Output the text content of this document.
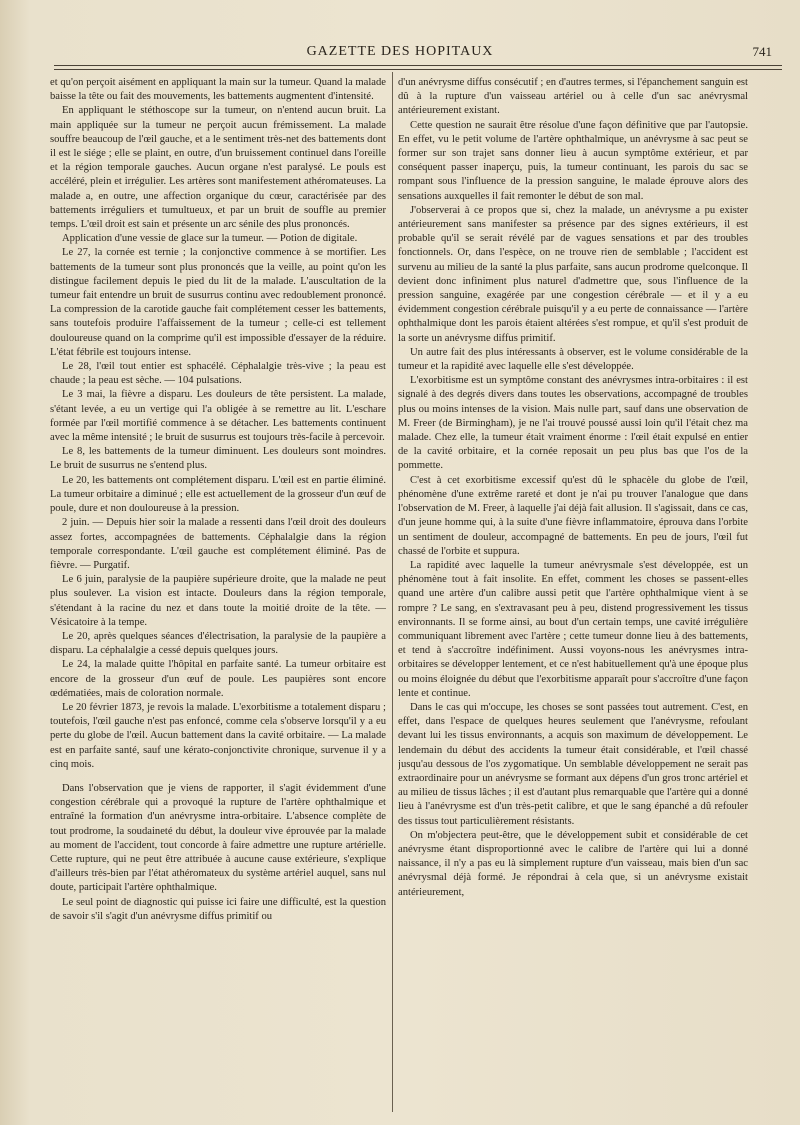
GAZETTE DES HOPITAUX	741

et qu'on perçoit aisément en appliquant la main sur la tumeur. Quand la malade baisse la tête ou fait des mouvements, les battements augmentent d'intensité.

En appliquant le stéthoscope sur la tumeur, on n'entend aucun bruit. La main appliquée sur la tumeur ne perçoit aucun frémissement. La malade souffre beaucoup de l'œil gauche, et a le sentiment très-net des battements dont il est le siége ; elle se plaint, en outre, d'un bruissement continuel dans l'oreille et la région temporale gauches. Aucun organe n'est paralysé. Le pouls est accéléré, plein et irrégulier. Les artères sont manifestement athéromateuses. La malade a, en outre, une affection organique du cœur, caractérisée par des battements irréguliers et tumultueux, et par un bruit de souffle au premier temps. L'œil droit est sain et présente un arc sénile des plus prononcés.

Application d'une vessie de glace sur la tumeur. — Potion de digitale.

Le 27, la cornée est ternie ; la conjonctive commence à se mortifier. Les battements de la tumeur sont plus prononcés que la veille, au point qu'on les distingue facilement depuis le pied du lit de la malade. L'auscultation de la tumeur fait entendre un bruit de susurrus continu avec redoublement prononcé. La compression de la carotide gauche fait complétement cesser les battements, sans toutefois produire l'affaissement de la tumeur ; celle-ci est tellement douloureuse quand on la comprime qu'il est impossible d'essayer de la réduire. L'état fébrile est toujours intense.

Le 28, l'œil tout entier est sphacélé. Céphalalgie très-vive ; la peau est chaude ; la peau est sèche. — 104 pulsations.

Le 3 mai, la fièvre a disparu. Les douleurs de tête persistent. La malade, s'étant levée, a eu un vertige qui l'a obligée à se remettre au lit. L'eschare formée par l'œil mortifié commence à se détacher. Les battements continuent avec la même intensité ; le bruit de susurrus est toujours très-facile à percevoir.

Le 8, les battements de la tumeur diminuent. Les douleurs sont moindres. Le bruit de susurrus ne s'entend plus.

Le 20, les battements ont complétement disparu. L'œil est en partie éliminé. La tumeur orbitaire a diminué ; elle est actuellement de la grosseur d'un œuf de poule, dure et non douloureuse à la pression.

2 juin. — Depuis hier soir la malade a ressenti dans l'œil droit des douleurs assez fortes, accompagnées de battements. Céphalalgie dans la région temporale correspondante. L'œil gauche est complétement éliminé. Pas de fièvre. — Purgatif.

Le 6 juin, paralysie de la paupière supérieure droite, que la malade ne peut plus soulever. La vision est intacte. Douleurs dans la région temporale, s'étendant à la racine du nez et dans toute la moitié droite de la tête. — Vésicatoire à la tempe.

Le 20, après quelques séances d'électrisation, la paralysie de la paupière a disparu. La céphalalgie a cessé depuis quelques jours.

Le 24, la malade quitte l'hôpital en parfaite santé. La tumeur orbitaire est encore de la grosseur d'un œuf de poule. Les paupières sont encore œdématiées, mais de coloration normale.

Le 20 février 1873, je revois la malade. L'exorbitisme a totalement disparu ; toutefois, l'œil gauche n'est pas enfoncé, comme cela s'observe lorsqu'il y a eu perte du globe de l'œil. Aucun battement dans la cavité orbitaire. — La malade est en parfaite santé, sauf une kérato-conjonctivite chronique, survenue il y a cinq mois.

Dans l'observation que je viens de rapporter, il s'agit évidemment d'une congestion cérébrale qui a provoqué la rupture de l'artère ophthalmique et entraîné la formation d'un anévrysme intra-orbitaire. L'absence complète de tout prodrome, la soudaineté du début, la douleur vive éprouvée par la malade au moment de l'accident, tout concorde à faire admettre une rupture artérielle. Cette rupture, qui ne peut être attribuée à aucune cause extérieure, s'explique d'ailleurs très-bien par l'état athéromateux du système artériel auquel, sans nul doute, participait l'artère ophthalmique.

Le seul point de diagnostic qui puisse ici faire une difficulté, est la question de savoir s'il s'agit d'un anévrysme diffus primitif ou

d'un anévrysme diffus consécutif ; en d'autres termes, si l'épanchement sanguin est dû à la rupture d'un vaisseau artériel ou à celle d'un sac anévrysmal antérieurement existant.

Cette question ne saurait être résolue d'une façon définitive que par l'autopsie. En effet, vu le petit volume de l'artère ophthalmique, un anévrysme à sac peut se former sur son trajet sans donner lieu à aucun symptôme extérieur, et par conséquent passer inaperçu, puis, la tumeur continuant, les parois du sac se rompant sous l'influence de la pression sanguine, le malade éprouve alors des sensations auxquelles il fait remonter le début de son mal.

J'observerai à ce propos que si, chez la malade, un anévrysme a pu exister antérieurement sans manifester sa présence par des signes extérieurs, il est probable qu'il se serait révélé par de vagues sensations et par des troubles fonctionnels. Or, dans l'espèce, on ne trouve rien de semblable ; l'accident est survenu au milieu de la santé la plus parfaite, sans aucun prodrome quelconque. Il devient donc infiniment plus naturel d'admettre que, sous l'influence de la pression sanguine, exagérée par une congestion cérébrale — et il y a eu évidemment congestion cérébrale puisqu'il y a eu perte de connaissance — l'artère ophthalmique dont les parois étaient altérées s'est rompue, et qu'il s'est produit de la sorte un anévrysme diffus primitif.

Un autre fait des plus intéressants à observer, est le volume considérable de la tumeur et la rapidité avec laquelle elle s'est développée.

L'exorbitisme est un symptôme constant des anévrysmes intra-orbitaires : il est signalé à des degrés divers dans toutes les observations, accompagné de troubles plus ou moins intenses de la vision. Mais nulle part, sauf dans une observation de M. Freer (de Birmingham), je ne l'ai trouvé poussé aussi loin qu'il l'était chez ma malade. Chez elle, la tumeur était vraiment énorme : l'œil était expulsé en entier de la cavité orbitaire, et la cornée reposait un peu plus bas que l'os de la pommette.

C'est à cet exorbitisme excessif qu'est dû le sphacèle du globe de l'œil, phénomène d'une extrême rareté et dont je n'ai pu trouver l'analogue que dans l'observation de M. Freer, à laquelle j'ai déjà fait allusion. Il s'agissait, dans ce cas, d'un jeune homme qui, à la suite d'une fièvre inflammatoire, éprouva dans l'orbite un sentiment de douleur, accompagné de battements. En peu de jours, l'œil fut chassé de l'orbite et suppura.

La rapidité avec laquelle la tumeur anévrysmale s'est développée, est un phénomène tout à fait insolite. En effet, comment les choses se passent-elles quand une artère d'un calibre aussi petit que l'artère ophthalmique vient à se rompre ? Le sang, en s'extravasant peu à peu, distend progressivement les tissus environnants. Il se forme ainsi, au bout d'un certain temps, une cavité irrégulière communiquant librement avec l'artère ; cette tumeur donne lieu à des battements, et tend à s'accroître indéfiniment. Aussi voyons-nous les anévrysmes intra-orbitaires se développer lentement, et ce n'est habituellement qu'à une époque plus ou moins éloignée du début que l'exorbitisme apparaît pour s'accroître d'une façon lente et continue.

Dans le cas qui m'occupe, les choses se sont passées tout autrement. C'est, en effet, dans l'espace de quelques heures seulement que l'anévrysme, refoulant devant lui les tissus environnants, a acquis son maximum de développement. Le lendemain du début des accidents la tumeur était considérable, et l'œil chassé jusqu'au dessous de l'os zygomatique. Un semblable développement ne serait pas extraordinaire pour un anévrysme se formant aux dépens d'un gros tronc artériel et au milieu de tissus lâches ; il est d'autant plus remarquable que l'artère qui a donné lieu à l'anévrysme est d'un très-petit calibre, et que le sang épanché a dû refouler des tissus tout particulièrement résistants.

On m'objectera peut-être, que le développement subit et considérable de cet anévrysme étant disproportionné avec le calibre de l'artère qui lui a donné naissance, il n'y a pas eu là simplement rupture d'un vaisseau, mais bien d'un sac anévrysmal déjà formé. Je répondrai à cela que, si un anévrysme existait antérieurement,
